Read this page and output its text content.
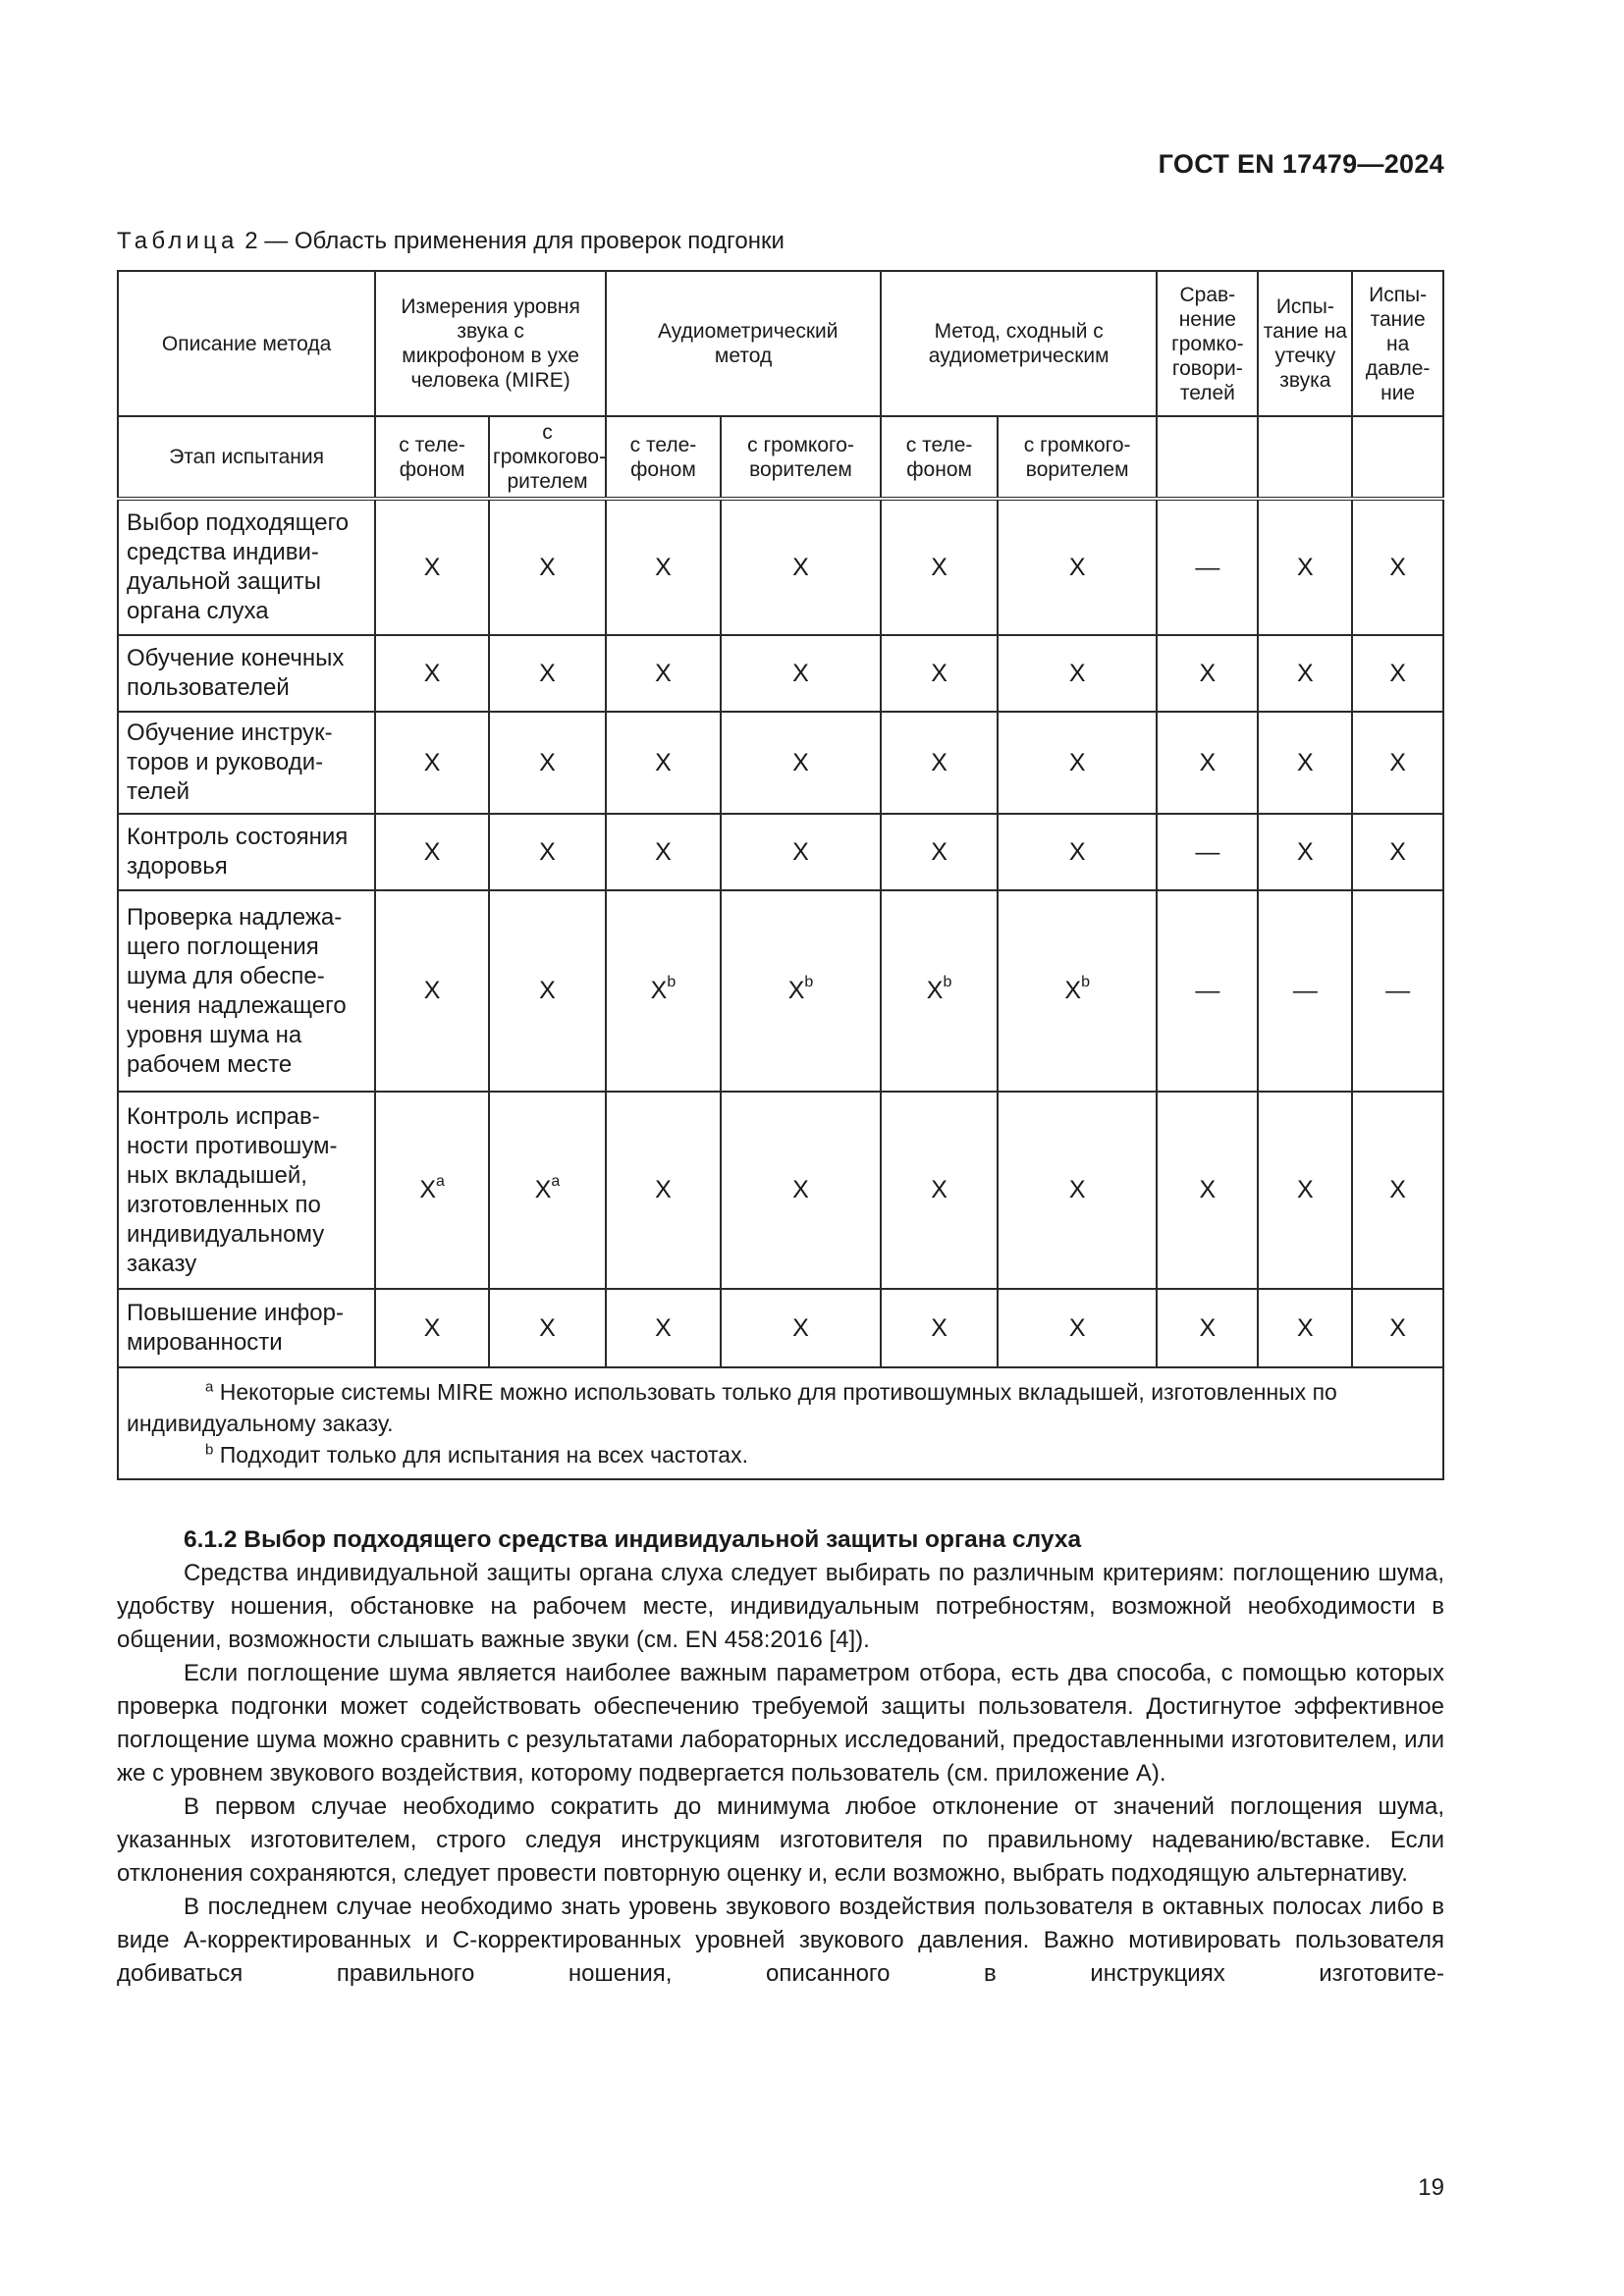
ГОСТ EN 17479—2024
Таблица 2 — Область применения для проверок подгонки
Описание метода	Измерения уровня звука с микрофоном в ухе человека (MIRE)		Аудиометрический метод		Метод, сходный с аудиометрическим		Срав-нение громко-говори-телей	Испы-тание на утечку звука	Испы-тание на давле-ние
Этап испытания	с теле-фоном	с громкогово-рителем	с теле-фоном	с громкого-ворителем	с теле-фоном	с громкого-ворителем			
Выбор подходящего средства индиви-дуальной защиты органа слуха	X	X	X	X	X	X	—	X	X
Обучение конечных пользователей	X	X	X	X	X	X	X	X	X
Обучение инструк-торов и руководи-телей	X	X	X	X	X	X	X	X	X
Контроль состояния здоровья	X	X	X	X	X	X	—	X	X
Проверка надлежа-щего поглощения шума для обеспе-чения надлежащего уровня шума на рабочем месте	X	X	$X^b$	$X^b$	$X^b$	$X^b$	—	—	—
Контроль исправ-ности противошум-ных вкладышей, изготовленных по индивидуальному заказу	$X^a$	$X^a$	X	X	X	X	X	X	X
Повышение инфор-мированности	X	X	X	X	X	X	X	X	X

$^a$ Некоторые системы MIRE можно использовать только для противошумных вкладышей, изготовленных по индивидуальному заказу.
$^b$ Подходит только для испытания на всех частотах.									
6.1.2 Выбор подходящего средства индивидуальной защиты органа слуха

Средства индивидуальной защиты органа слуха следует выбирать по различным критериям: поглощению шума, удобству ношения, обстановке на рабочем месте, индивидуальным потребностям, возможной необходимости в общении, возможности слышать важные звуки (см. EN 458:2016 [4]).

Если поглощение шума является наиболее важным параметром отбора, есть два способа, с помощью которых проверка подгонки может содействовать обеспечению требуемой защиты пользователя. Достигнутое эффективное поглощение шума можно сравнить с результатами лабораторных исследований, предоставленными изготовителем, или же с уровнем звукового воздействия, которому подвергается пользователь (см. приложение А).

В первом случае необходимо сократить до минимума любое отклонение от значений поглощения шума, указанных изготовителем, строго следуя инструкциям изготовителя по правильному надеванию/вставке. Если отклонения сохраняются, следует провести повторную оценку и, если возможно, выбрать подходящую альтернативу.

В последнем случае необходимо знать уровень звукового воздействия пользователя в октавных полосах либо в виде А-корректированных и С-корректированных уровней звукового давления. Важно мотивировать пользователя добиваться правильного ношения, описанного в инструкциях изготовите-

19
